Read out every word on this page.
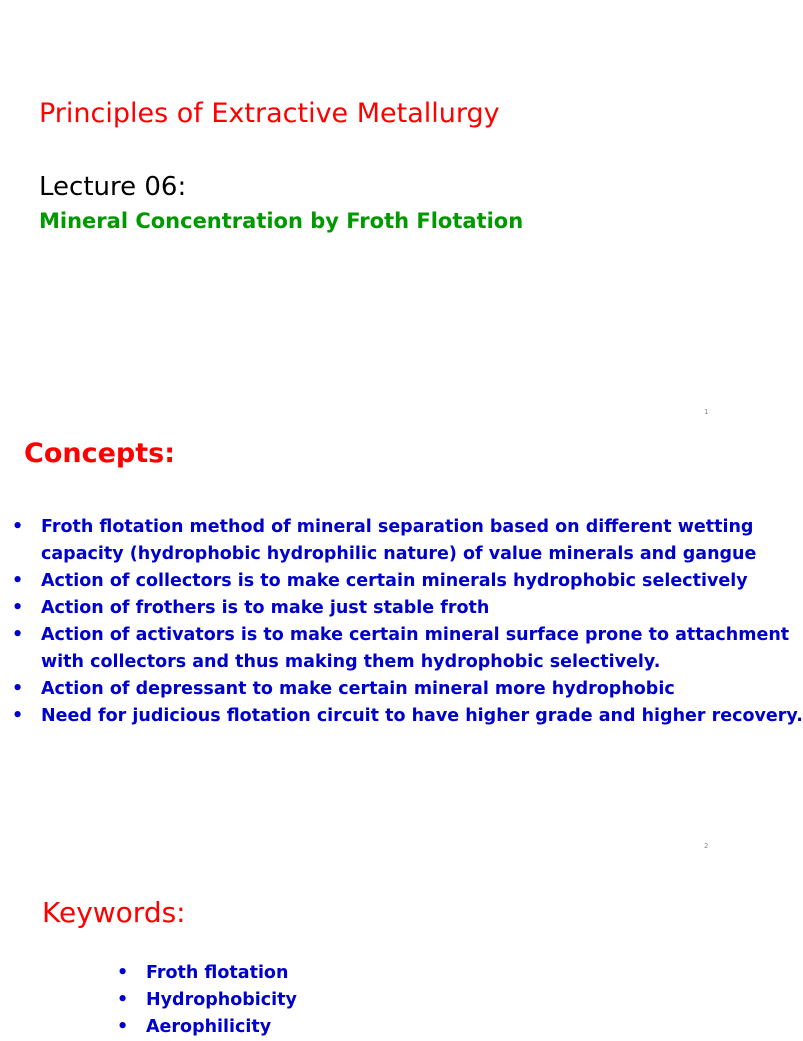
Principles of Extractive Metallurgy
Lecture 06:
Mineral Concentration by Froth Flotation
1
Concepts:
• Froth flotation method of mineral separation based on different wetting
capacity (hydrophobic hydrophilic nature) of value minerals and gangue
• Action of collectors is to make certain minerals hydrophobic selectively
• Action of frothers is to make just stable froth
• Action of activators is to make certain mineral surface prone to attachment
with collectors and thus making them hydrophobic selectively.
• Action of depressant to make certain mineral more hydrophobic
• Need for judicious flotation circuit to have higher grade and higher recovery.
2
Keywords:
• Froth flotation
• Hydrophobicity
• Aerophilicity
